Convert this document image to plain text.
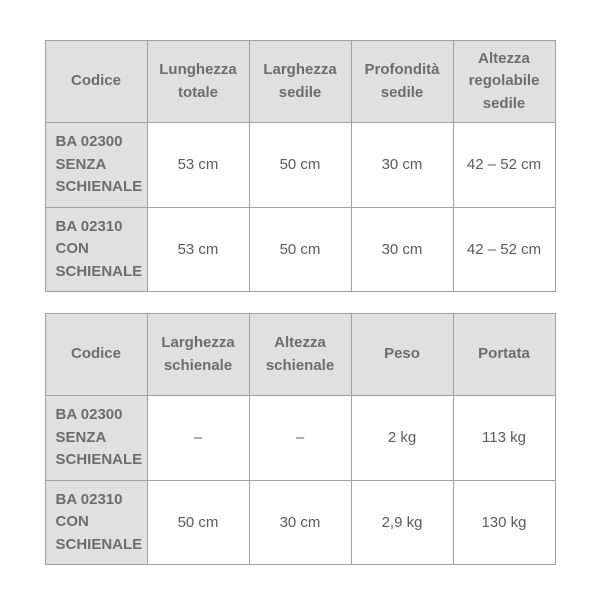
Codice	Lunghezza totale	Larghezza sedile	Profondità sedile	Altezza regolabile sedile
BA 02300 SENZA SCHIENALE	53 cm	50 cm	30 cm	42 – 52 cm
BA 02310 CON SCHIENALE	53 cm	50 cm	30 cm	42 – 52 cm
Codice	Larghezza schienale	Altezza schienale	Peso	Portata
BA 02300 SENZA SCHIENALE	–	–	2 kg	113 kg
BA 02310 CON SCHIENALE	50 cm	30 cm	2,9 kg	130 kg
